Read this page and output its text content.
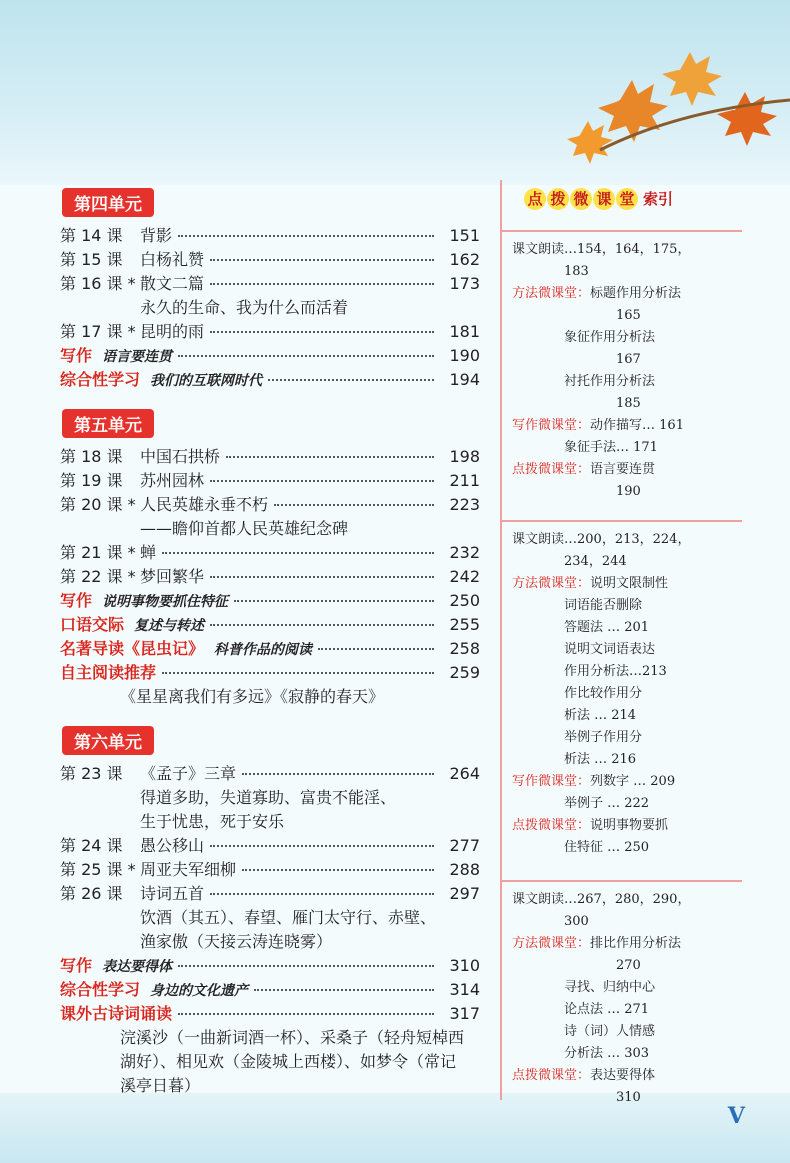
第四单元
第 14 课	背影	151
第 15 课	白杨礼赞	162
第 16 课 * 散文二篇	173
永久的生命、我为什么而活着
第 17 课 * 昆明的雨	181
写作 语言要连贯	190
综合性学习 我们的互联网时代	194
第五单元
第 18 课	中国石拱桥	198
第 19 课	苏州园林	211
第 20 课 * 人民英雄永垂不朽	223
——瞻仰首都人民英雄纪念碑
第 21 课 * 蝉	232
第 22 课 * 梦回繁华	242
写作 说明事物要抓住特征	250
口语交际 复述与转述	255
名著导读《昆虫记》 科普作品的阅读	258
自主阅读推荐	259
《星星离我们有多远》《寂静的春天》
第六单元
第 23 课	《孟子》三章	264
得道多助，失道寡助、富贵不能淫、
生于忧患，死于安乐
第 24 课	愚公移山	277
第 25 课 * 周亚夫军细柳	288
第 26 课	诗词五首	297
饮酒（其五）、春望、雁门太守行、赤壁、
渔家傲（天接云涛连晓雾）
写作 表达要得体	310
综合性学习 身边的文化遗产	314
课外古诗词诵读	317
浣溪沙（一曲新词酒一杯）、采桑子（轻舟短棹西
湖好）、相见欢（金陵城上西楼）、如梦令（常记
溪亭日暮）
点 拨 微 课 堂 索引
课文朗读…154，164，175，
　　　　183
方法微课堂：标题作用分析法
　　　　　　　　165
　　　　象征作用分析法
　　　　　　　　167
　　　　衬托作用分析法
　　　　　　　　185
写作微课堂：动作描写… 161
　　　　象征手法… 171
点拨微课堂：语言要连贯
　　　　　　　　190
课文朗读…200，213，224，
　　　　234，244
方法微课堂：说明文限制性
　　　　词语能否删除
　　　　答题法 … 201
　　　　说明文词语表达
　　　　作用分析法…213
　　　　作比较作用分
　　　　析法 … 214
　　　　举例子作用分
　　　　析法 … 216
写作微课堂：列数字 … 209
　　　　举例子 … 222
点拨微课堂：说明事物要抓
　　　　住特征 … 250
课文朗读…267，280，290，
　　　　300
方法微课堂：排比作用分析法
　　　　　　　　270
　　　　寻找、归纳中心
　　　　论点法 … 271
　　　　诗（词）人情感
　　　　分析法 … 303
点拨微课堂：表达要得体
　　　　　　　　310
V
